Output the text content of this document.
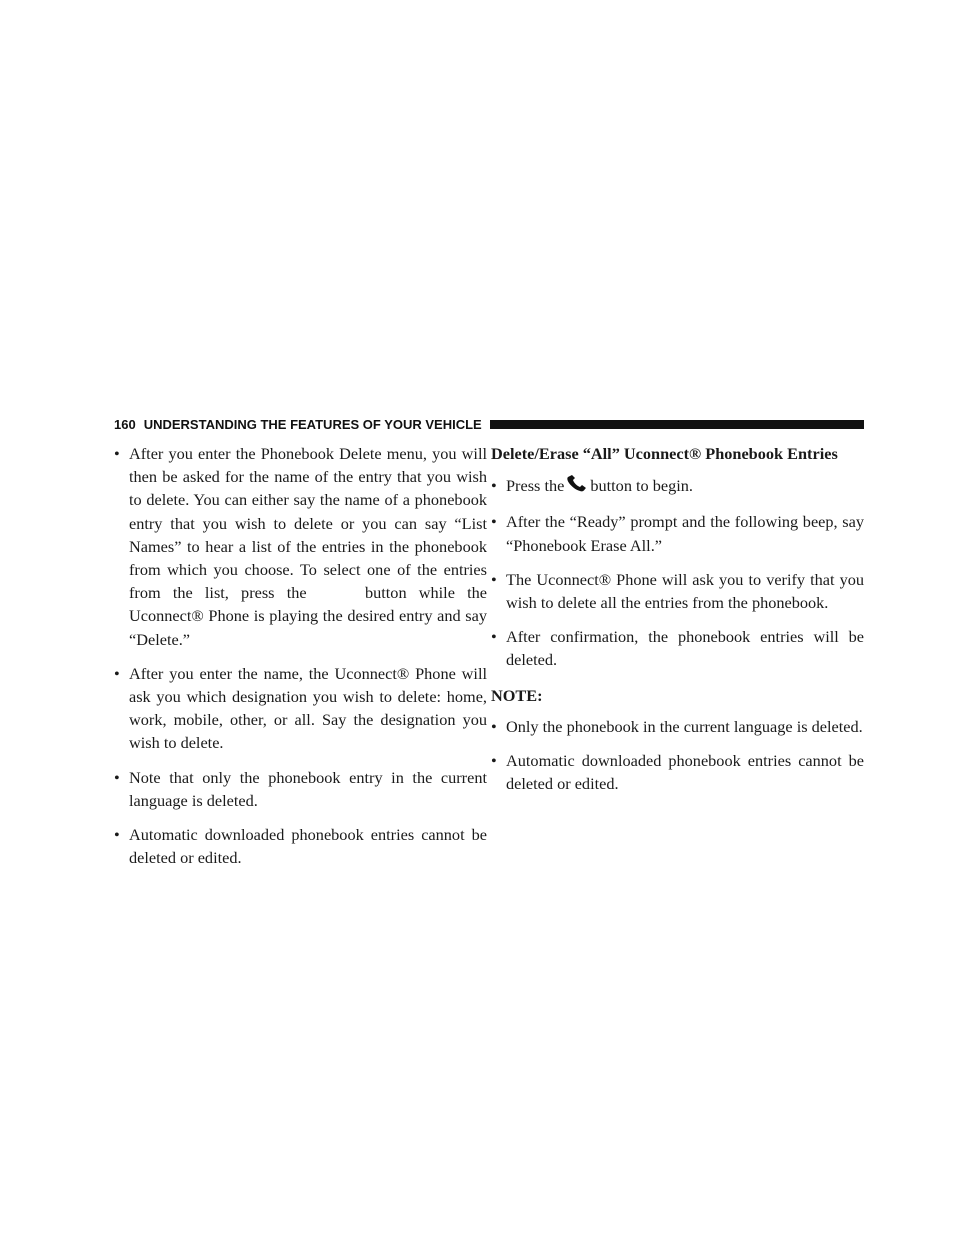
160 UNDERSTANDING THE FEATURES OF YOUR VEHICLE
• After you enter the Phonebook Delete menu, you will then be asked for the name of the entry that you wish to delete. You can either say the name of a phonebook entry that you wish to delete or you can say “List Names” to hear a list of the entries in the phonebook from which you choose. To select one of the entries from the list, press the	button while the Uconnect® Phone is playing the desired entry and say “Delete.”
• After you enter the name, the Uconnect® Phone will ask you which designation you wish to delete: home, work, mobile, other, or all. Say the designation you wish to delete.
• Note that only the phonebook entry in the current language is deleted.
• Automatic downloaded phonebook entries cannot be deleted or edited.
Delete/Erase “All” Uconnect® Phonebook Entries
• Press the button to begin.
• After the “Ready” prompt and the following beep, say “Phonebook Erase All.”
• The Uconnect® Phone will ask you to verify that you wish to delete all the entries from the phonebook.
• After confirmation, the phonebook entries will be deleted.
NOTE:
• Only the phonebook in the current language is deleted.
• Automatic downloaded phonebook entries cannot be deleted or edited.
